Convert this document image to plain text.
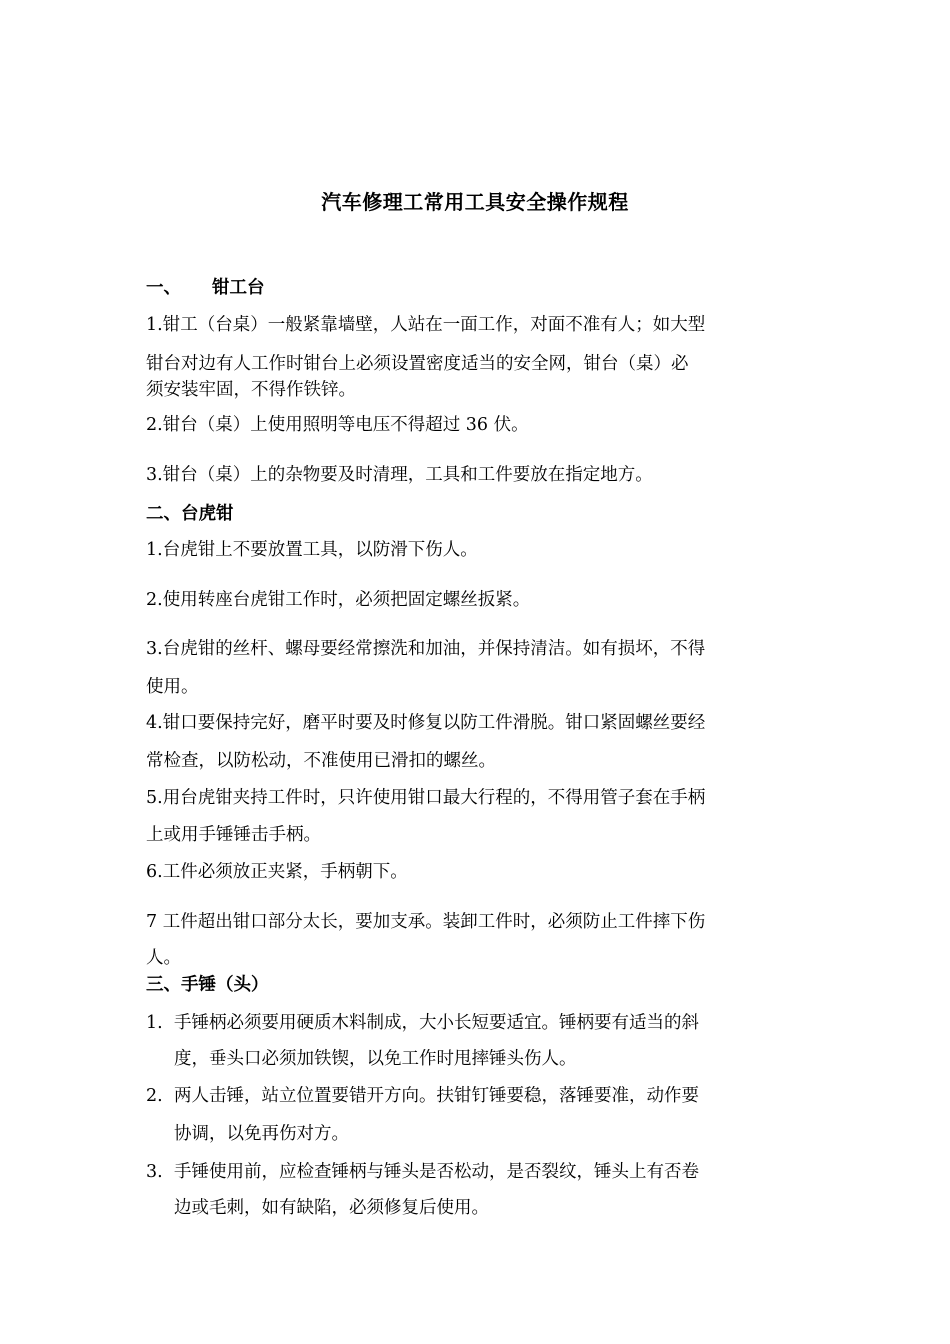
汽车修理工常用工具安全操作规程
一、 钳工台
1.钳工（台桌）一般紧靠墙壁，人站在一面工作，对面不准有人；如大型
钳台对边有人工作时钳台上必须设置密度适当的安全网，钳台（桌）必
须安装牢固，不得作铁锌。
2.钳台（桌）上使用照明等电压不得超过 36 伏。
3.钳台（桌）上的杂物要及时清理，工具和工件要放在指定地方。
二、台虎钳
1.台虎钳上不要放置工具，以防滑下伤人。
2.使用转座台虎钳工作时，必须把固定螺丝扳紧。
3.台虎钳的丝杆、螺母要经常擦洗和加油，并保持清洁。如有损坏，不得
使用。
4.钳口要保持完好，磨平时要及时修复以防工件滑脱。钳口紧固螺丝要经
常检查，以防松动，不准使用已滑扣的螺丝。
5.用台虎钳夹持工件时，只许使用钳口最大行程的，不得用管子套在手柄
上或用手锤锤击手柄。
6.工件必须放正夹紧，手柄朝下。
7 工件超出钳口部分太长，要加支承。装卸工件时，必须防止工件摔下伤
人。
三、手锤（头）
1. 手锤柄必须要用硬质木料制成，大小长短要适宜。锤柄要有适当的斜
度，垂头口必须加铁锲，以免工作时甩摔锤头伤人。
2. 两人击锤，站立位置要错开方向。扶钳钉锤要稳，落锤要准，动作要
协调，以免再伤对方。
3. 手锤使用前，应检查锤柄与锤头是否松动，是否裂纹，锤头上有否卷
边或毛刺，如有缺陷，必须修复后使用。
